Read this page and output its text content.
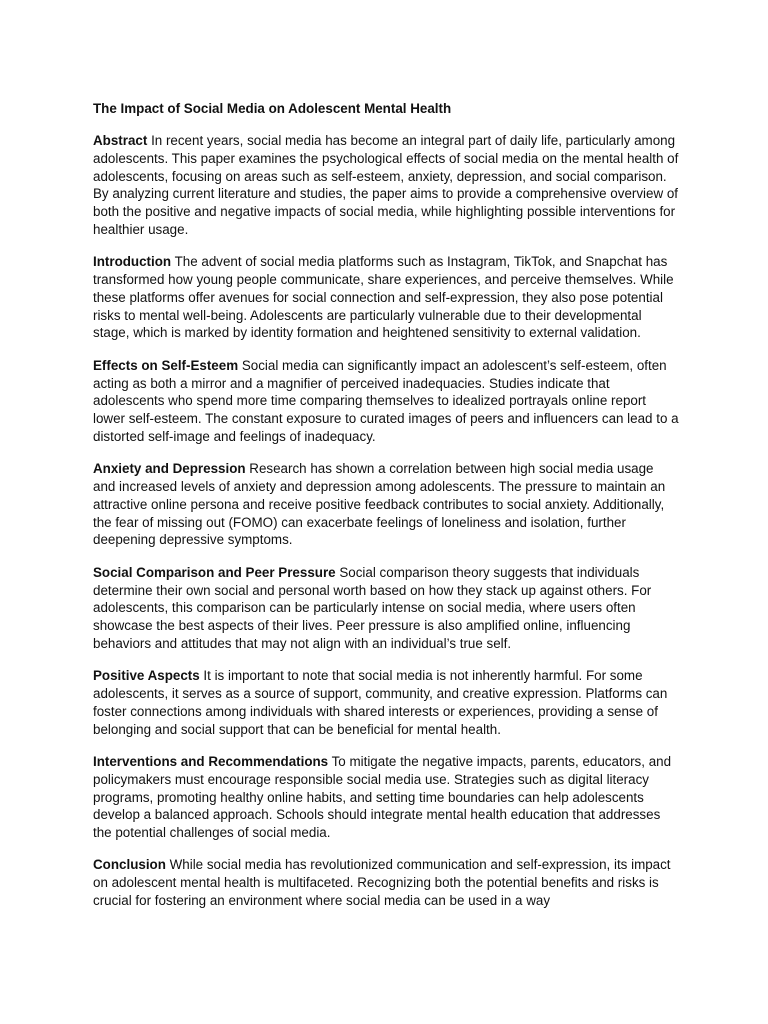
The Impact of Social Media on Adolescent Mental Health

Abstract In recent years, social media has become an integral part of daily life, particularly among adolescents. This paper examines the psychological effects of social media on the mental health of adolescents, focusing on areas such as self-esteem, anxiety, depression, and social comparison. By analyzing current literature and studies, the paper aims to provide a comprehensive overview of both the positive and negative impacts of social media, while highlighting possible interventions for healthier usage.

Introduction The advent of social media platforms such as Instagram, TikTok, and Snapchat has transformed how young people communicate, share experiences, and perceive themselves. While these platforms offer avenues for social connection and self-expression, they also pose potential risks to mental well-being. Adolescents are particularly vulnerable due to their developmental stage, which is marked by identity formation and heightened sensitivity to external validation.

Effects on Self-Esteem Social media can significantly impact an adolescent’s self-esteem, often acting as both a mirror and a magnifier of perceived inadequacies. Studies indicate that adolescents who spend more time comparing themselves to idealized portrayals online report lower self-esteem. The constant exposure to curated images of peers and influencers can lead to a distorted self-image and feelings of inadequacy.

Anxiety and Depression Research has shown a correlation between high social media usage and increased levels of anxiety and depression among adolescents. The pressure to maintain an attractive online persona and receive positive feedback contributes to social anxiety. Additionally, the fear of missing out (FOMO) can exacerbate feelings of loneliness and isolation, further deepening depressive symptoms.

Social Comparison and Peer Pressure Social comparison theory suggests that individuals determine their own social and personal worth based on how they stack up against others. For adolescents, this comparison can be particularly intense on social media, where users often showcase the best aspects of their lives. Peer pressure is also amplified online, influencing behaviors and attitudes that may not align with an individual’s true self.

Positive Aspects It is important to note that social media is not inherently harmful. For some adolescents, it serves as a source of support, community, and creative expression. Platforms can foster connections among individuals with shared interests or experiences, providing a sense of belonging and social support that can be beneficial for mental health.

Interventions and Recommendations To mitigate the negative impacts, parents, educators, and policymakers must encourage responsible social media use. Strategies such as digital literacy programs, promoting healthy online habits, and setting time boundaries can help adolescents develop a balanced approach. Schools should integrate mental health education that addresses the potential challenges of social media.

Conclusion While social media has revolutionized communication and self-expression, its impact on adolescent mental health is multifaceted. Recognizing both the potential benefits and risks is crucial for fostering an environment where social media can be used in a way
